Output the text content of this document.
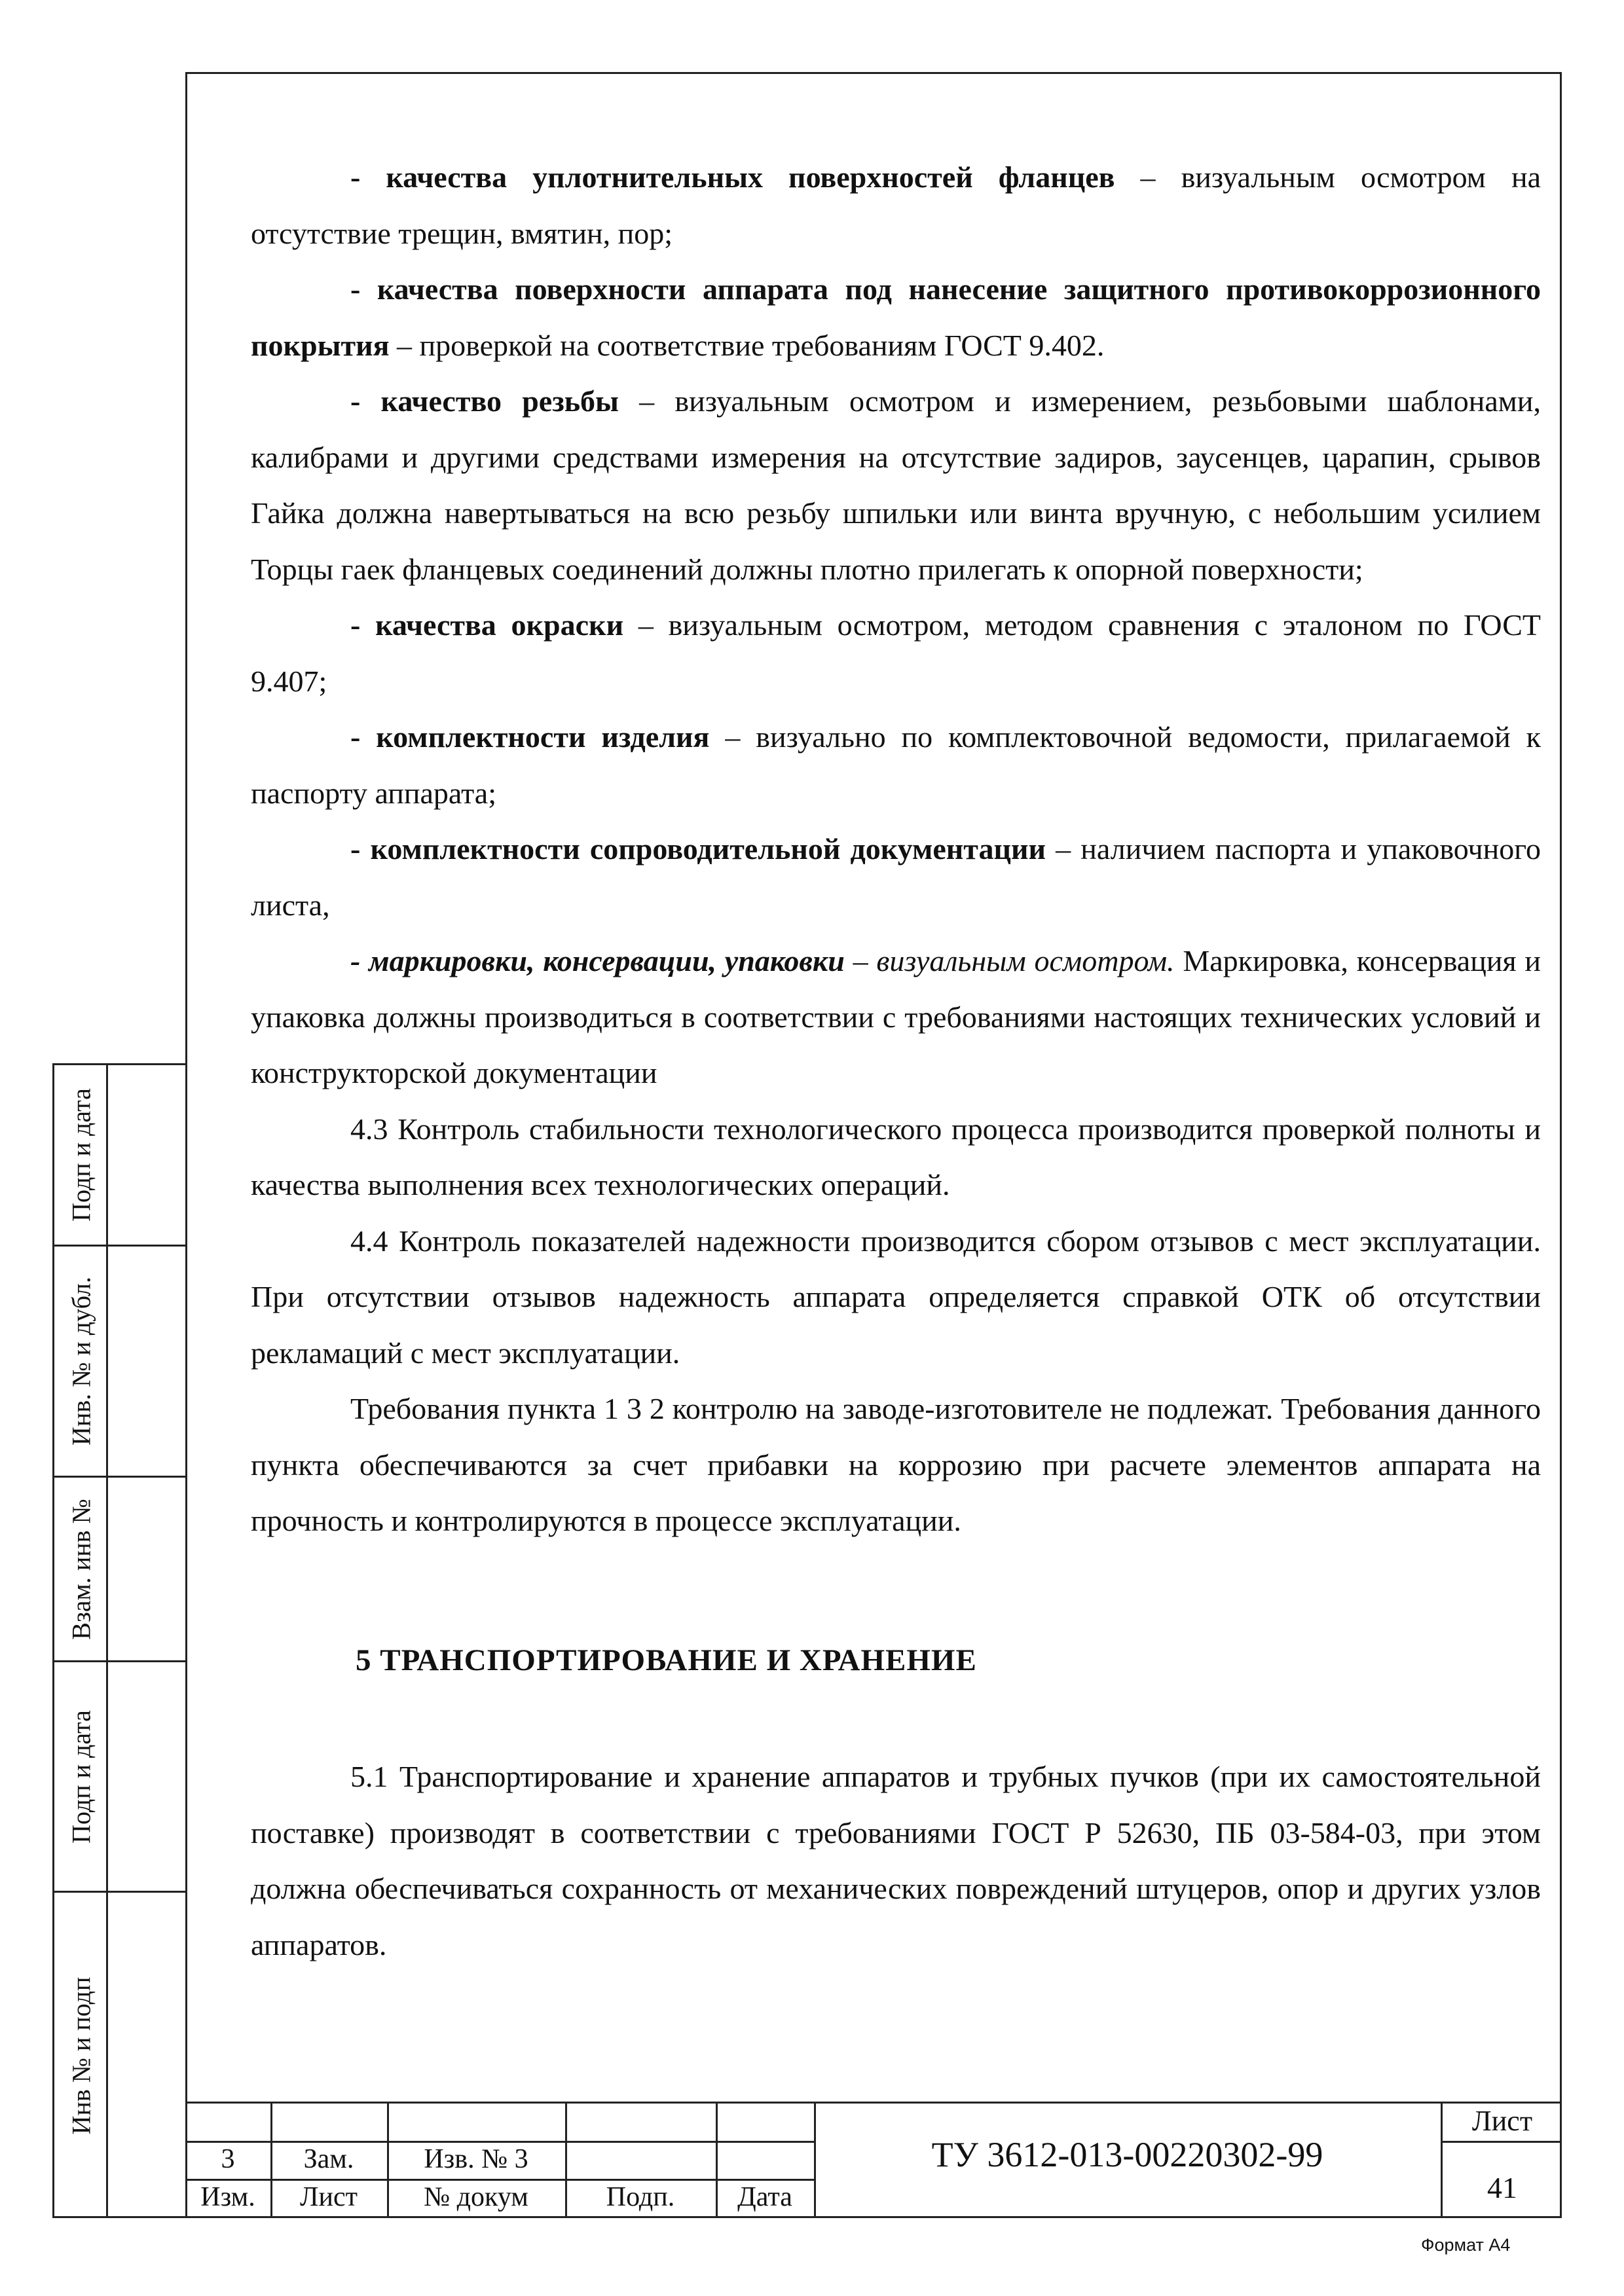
- качества уплотнительных поверхностей фланцев – визуальным осмотром на отсутствие трещин, вмятин, пор;

- качества поверхности аппарата под нанесение защитного противокоррозионного покрытия – проверкой на соответствие требованиям ГОСТ 9.402.

- качество резьбы – визуальным осмотром и измерением, резьбовыми шаблонами, калибрами и другими средствами измерения на отсутствие задиров, заусенцев, царапин, срывов Гайка должна навертываться на всю резьбу шпильки или винта вручную, с небольшим усилием Торцы гаек фланцевых соединений должны плотно прилегать к опорной поверхности;

- качества окраски – визуальным осмотром, методом сравнения с эталоном по ГОСТ 9.407;

- комплектности изделия – визуально по комплектовочной ведомости, прилагаемой к паспорту аппарата;

- комплектности сопроводительной документации – наличием паспорта и упаковочного листа,

- маркировки, консервации, упаковки – визуальным осмотром. Маркировка, консервация и упаковка должны производиться в соответствии с требованиями настоящих технических условий и конструкторской документации

4.3 Контроль стабильности технологического процесса производится проверкой полноты и качества выполнения всех технологических операций.

4.4 Контроль показателей надежности производится сбором отзывов с мест эксплуатации. При отсутствии отзывов надежность аппарата определяется справкой ОТК об отсутствии рекламаций с мест эксплуатации.

Требования пункта 1 3 2 контролю на заводе-изготовителе не подлежат. Требования данного пункта обеспечиваются за счет прибавки на коррозию при расчете элементов аппарата на прочность и контролируются в процессе эксплуатации.

5 ТРАНСПОРТИРОВАНИЕ И ХРАНЕНИЕ

5.1 Транспортирование и хранение аппаратов и трубных пучков (при их самостоятельной поставке) производят в соответствии с требованиями ГОСТ Р 52630, ПБ 03-584-03, при этом должна обеспечиваться сохранность от механических повреждений штуцеров, опор и других узлов аппаратов.

Подп и дата
Инв. № и дубл.
Взам. инв №
Подп и дата
Инв № и подп
3	Зам.	Изв. № 3
Изм.	Лист	№ докум	Подп.	Дата
ТУ 3612-013-00220302-99
Лист
41
Формат А4
